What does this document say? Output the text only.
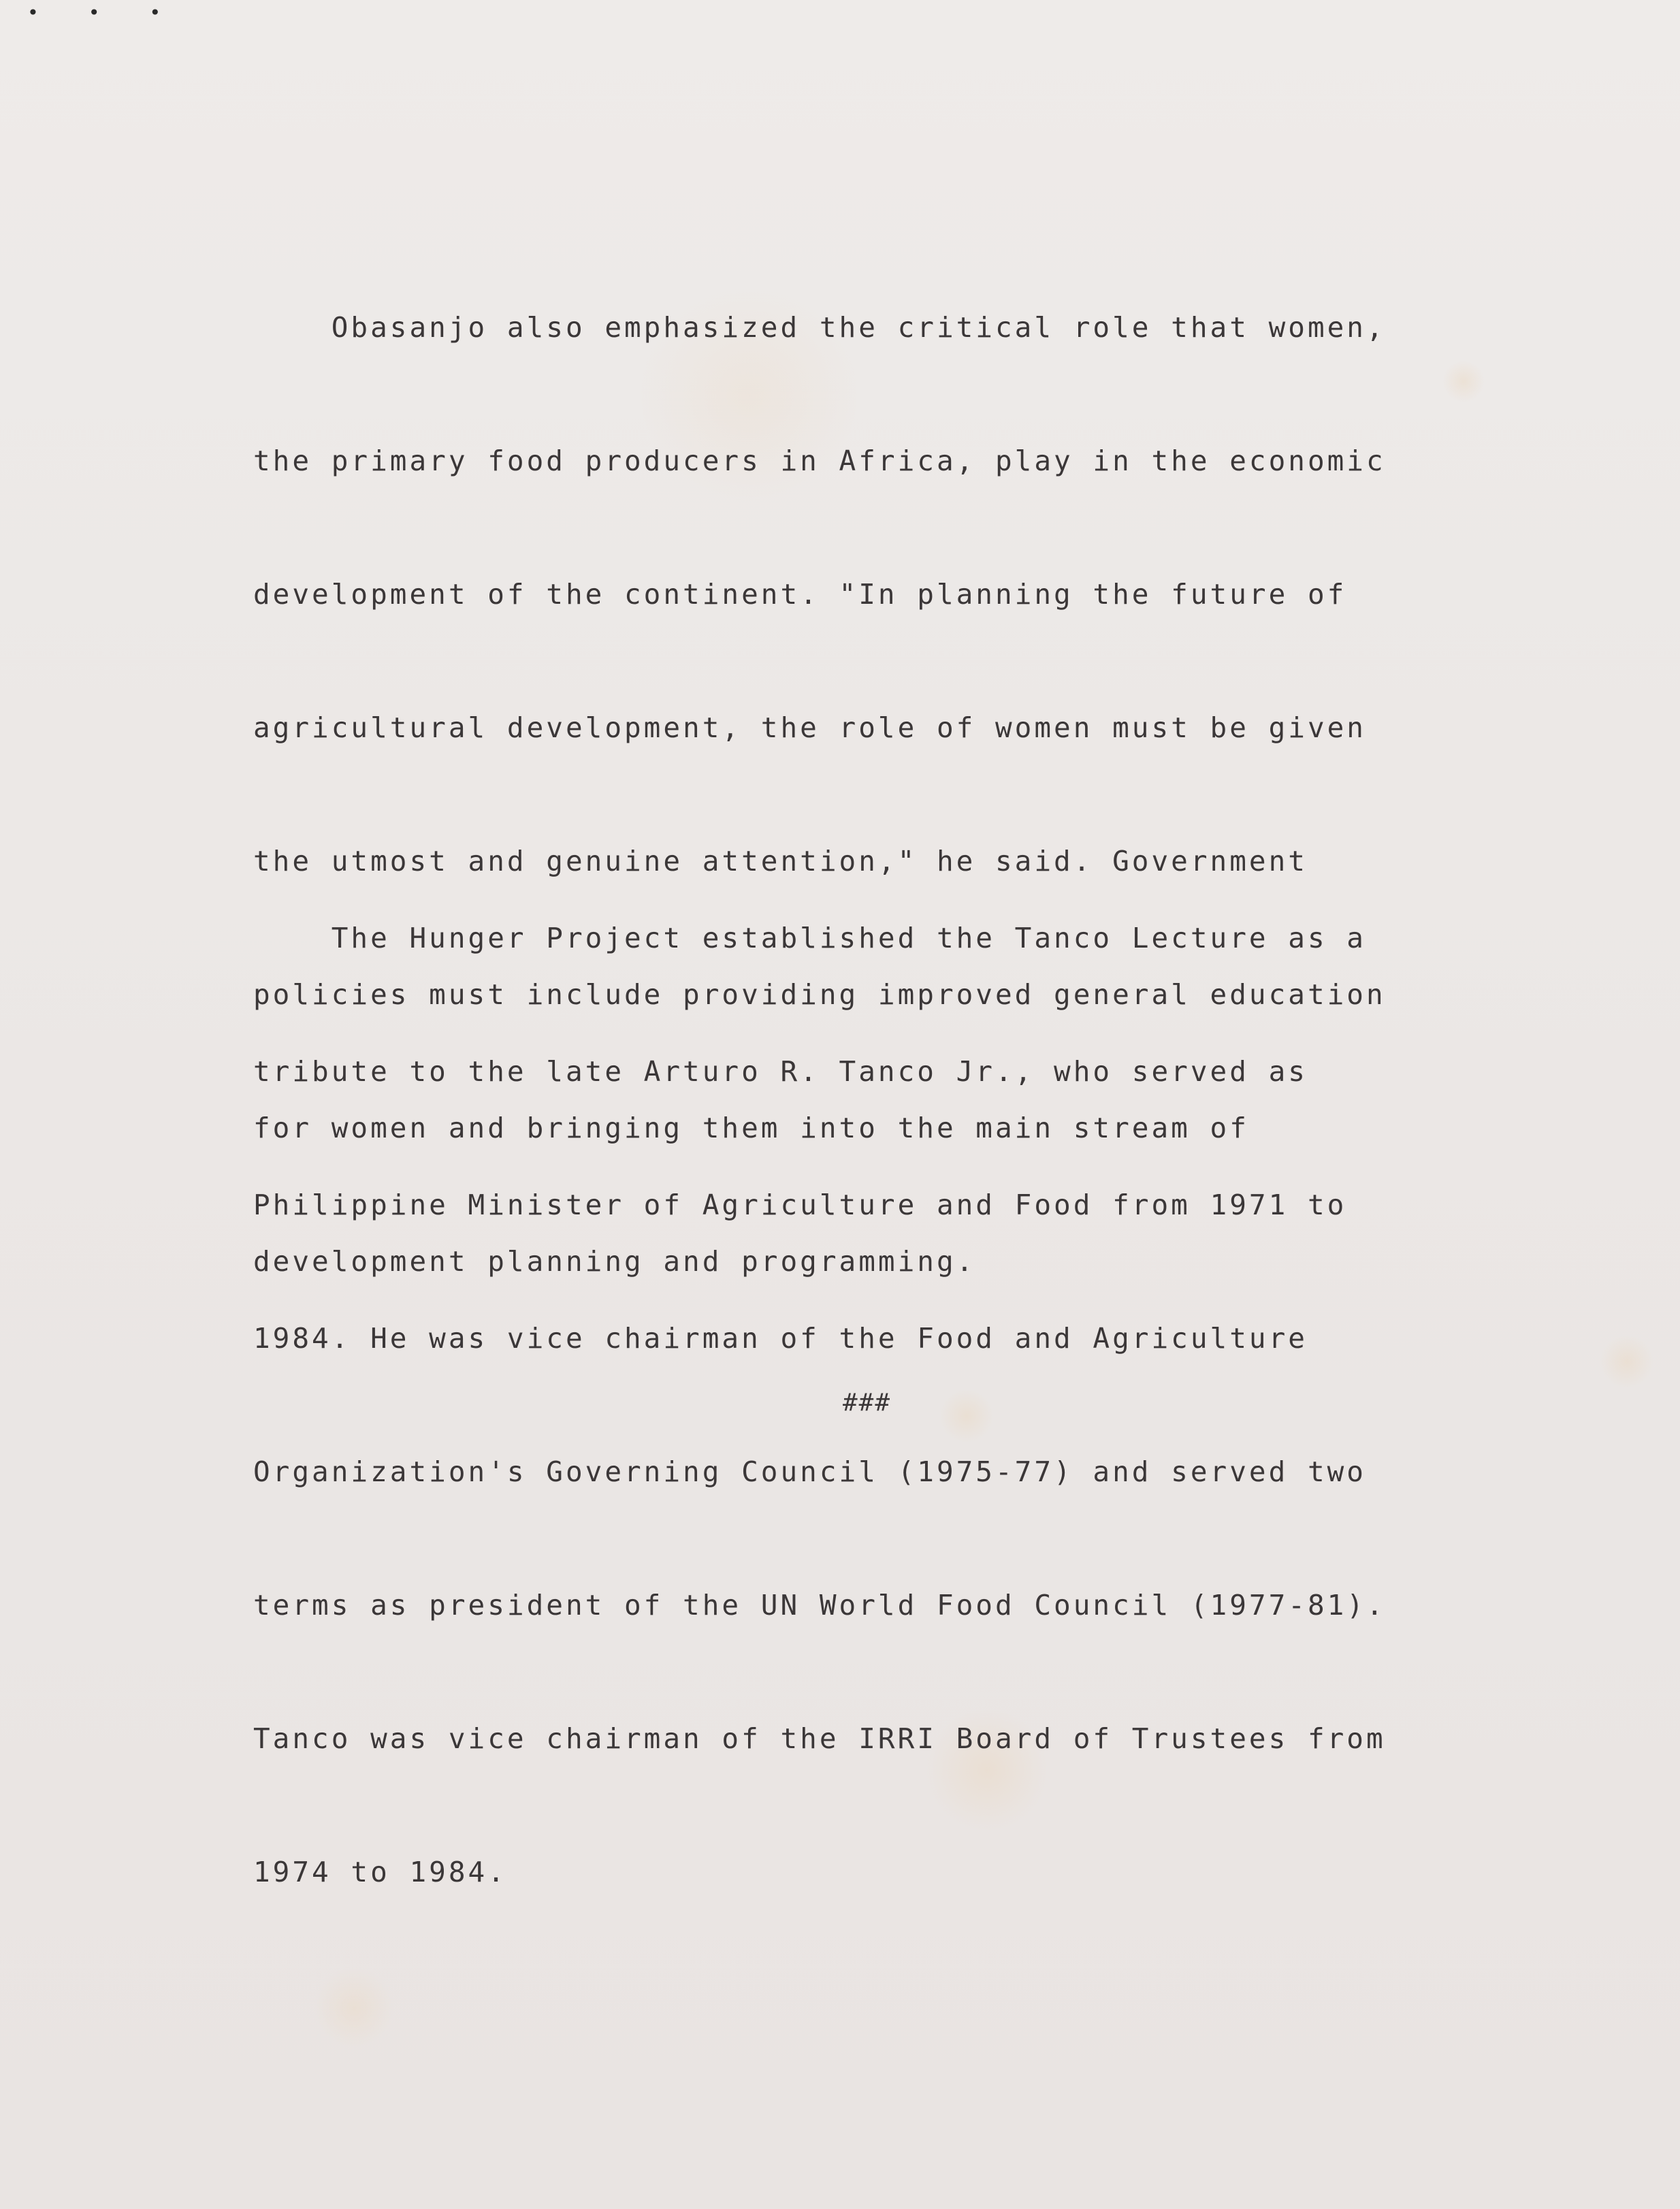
• • •

Obasanjo also emphasized the critical role that women,

the primary food producers in Africa, play in the economic

development of the continent. "In planning the future of

agricultural development, the role of women must be given

the utmost and genuine attention," he said. Government

policies must include providing improved general education

for women and bringing them into the main stream of

development planning and programming.

The Hunger Project established the Tanco Lecture as a

tribute to the late Arturo R. Tanco Jr., who served as

Philippine Minister of Agriculture and Food from 1971 to

1984. He was vice chairman of the Food and Agriculture

Organization's Governing Council (1975-77) and served two

terms as president of the UN World Food Council (1977-81).

Tanco was vice chairman of the IRRI Board of Trustees from

1974 to 1984.

###
